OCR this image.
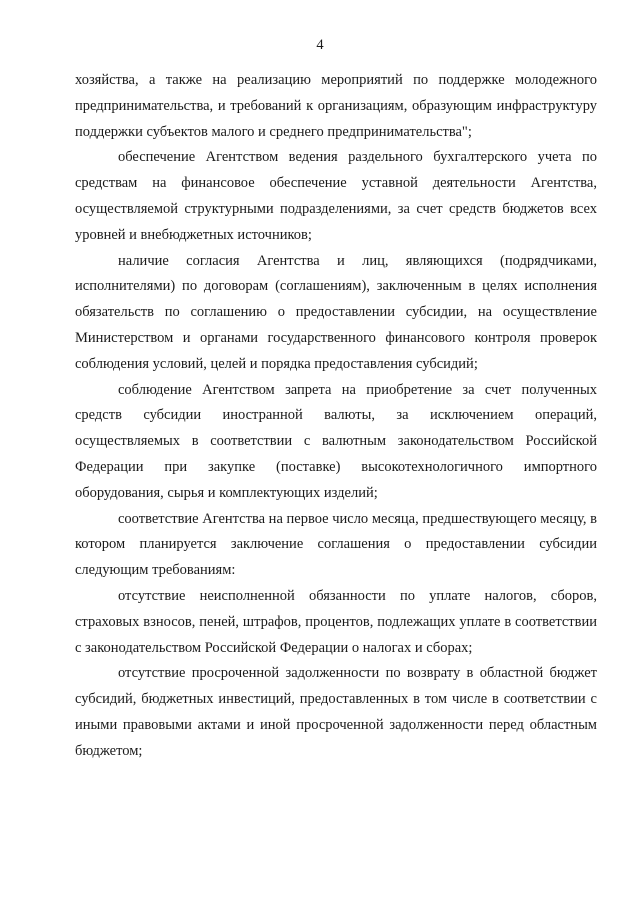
4

хозяйства, а также на реализацию мероприятий по поддержке молодежного предпринимательства, и требований к организациям, образующим инфраструктуру поддержки субъектов малого и среднего предпринимательства";

обеспечение Агентством ведения раздельного бухгалтерского учета по средствам на финансовое обеспечение уставной деятельности Агентства, осуществляемой структурными подразделениями, за счет средств бюджетов всех уровней и внебюджетных источников;

наличие согласия Агентства и лиц, являющихся (подрядчиками, исполнителями) по договорам (соглашениям), заключенным в целях исполнения обязательств по соглашению о предоставлении субсидии, на осуществление Министерством и органами государственного финансового контроля проверок соблюдения условий, целей и порядка предоставления субсидий;

соблюдение Агентством запрета на приобретение за счет полученных средств субсидии иностранной валюты, за исключением операций, осуществляемых в соответствии с валютным законодательством Российской Федерации при закупке (поставке) высокотехнологичного импортного оборудования, сырья и комплектующих изделий;

соответствие Агентства на первое число месяца, предшествующего месяцу, в котором планируется заключение соглашения о предоставлении субсидии следующим требованиям:

отсутствие неисполненной обязанности по уплате налогов, сборов, страховых взносов, пеней, штрафов, процентов, подлежащих уплате в соответствии с законодательством Российской Федерации о налогах и сборах;

отсутствие просроченной задолженности по возврату в областной бюджет субсидий, бюджетных инвестиций, предоставленных в том числе в соответствии с иными правовыми актами и иной просроченной задолженности перед областным бюджетом;
